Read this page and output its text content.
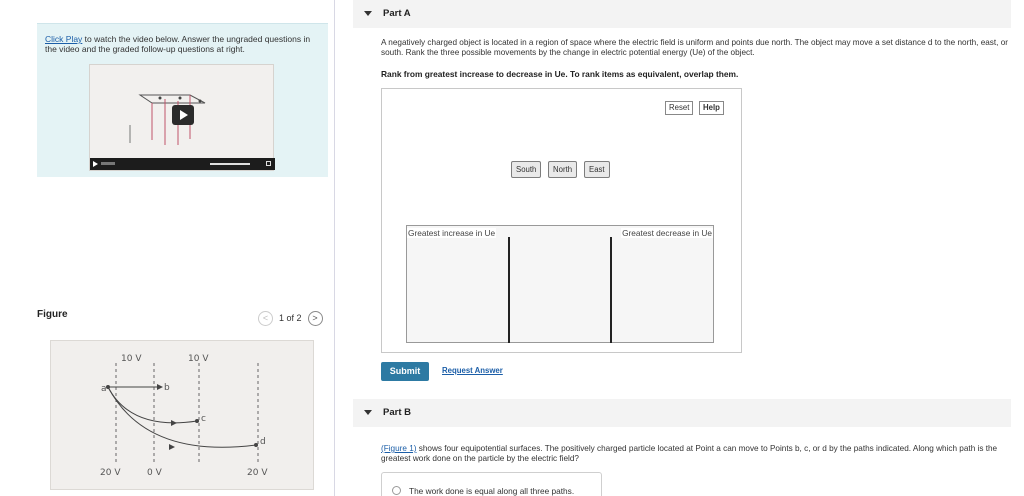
Click Play to watch the video below. Answer the ungraded questions in the video and the graded follow-up questions at right.
Figure	<	1 of 2	>
10 V	10 V
20 V	0 V	20 V
a	b
c
d
Part A
A negatively charged object is located in a region of space where the electric field is uniform and points due north. The object may move a set distance d to the north, east, or south. Rank the three possible movements by the change in electric potential energy (Ue) of the object.
Rank from greatest increase to decrease in Ue. To rank items as equivalent, overlap them.
Reset	Help
South	North	East
Greatest increase in Ue	Greatest decrease in Ue
Submit	Request Answer
Part B
(Figure 1) shows four equipotential surfaces. The positively charged particle located at Point a can move to Points b, c, or d by the paths indicated. Along which path is the greatest work done on the particle by the electric field?
The work done is equal along all three paths.
